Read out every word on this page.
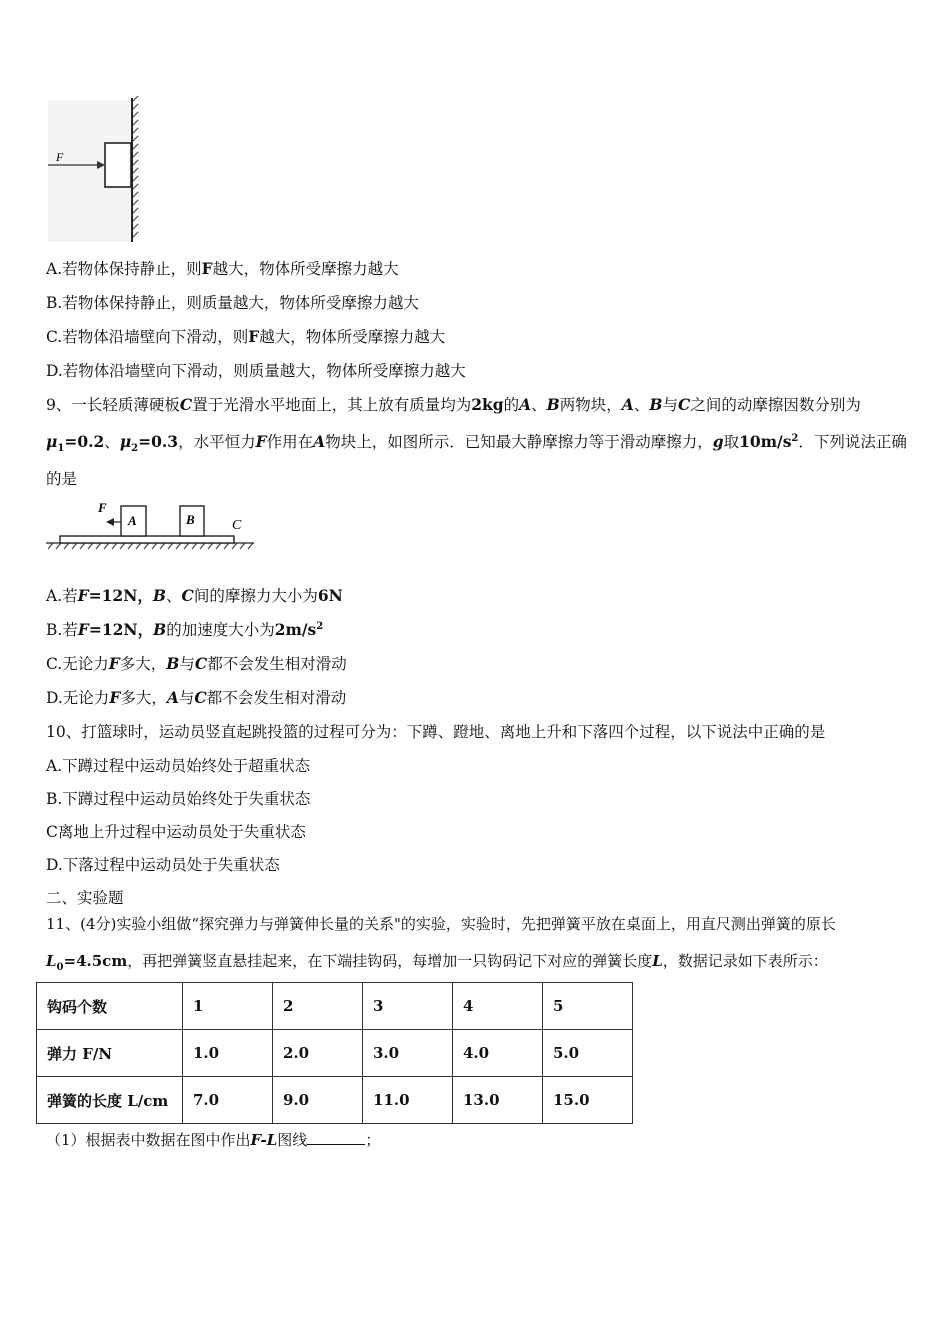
F
A.若物体保持静止，则F越大，物体所受摩擦力越大
B.若物体保持静止，则质量越大，物体所受摩擦力越大
C.若物体沿墙壁向下滑动，则F越大，物体所受摩擦力越大
D.若物体沿墙壁向下滑动，则质量越大，物体所受摩擦力越大
9、一长轻质薄硬板C置于光滑水平地面上，其上放有质量均为2kg的A、B两物块，A、B与C之间的动摩擦因数分别为
$\mu_1=0.2$、$\mu_2=0.3$，水平恒力F作用在A物块上，如图所示．已知最大静摩擦力等于滑动摩擦力，g取$10m/s^2$．下列说法正确
的是
F
A	B	C
A.若F=12N，B、C间的摩擦力大小为6N
B.若F=12N，B的加速度大小为$2m/s^2$
C.无论力F多大，B与C都不会发生相对滑动
D.无论力F多大，A与C都不会发生相对滑动
10、打篮球时，运动员竖直起跳投篮的过程可分为：下蹲、蹬地、离地上升和下落四个过程，以下说法中正确的是
A.下蹲过程中运动员始终处于超重状态
B.下蹲过程中运动员始终处于失重状态
C离地上升过程中运动员处于失重状态
D.下落过程中运动员处于失重状态
二、实验题
11、(4分)实验小组做“探究弹力与弹簧伸长量的关系"的实验，实验时，先把弹簧平放在桌面上，用直尺测出弹簧的原长
$L_0=4.5cm$，再把弹簧竖直悬挂起来，在下端挂钩码，每增加一只钩码记下对应的弹簧长度L，数据记录如下表所示：
钩码个数	1	2	3	4	5
弹力 F/N	1.0	2.0	3.0	4.0	5.0
弹簧的长度 L/cm	7.0	9.0	11.0	13.0	15.0
（1）根据表中数据在图中作出F-L图线	；
